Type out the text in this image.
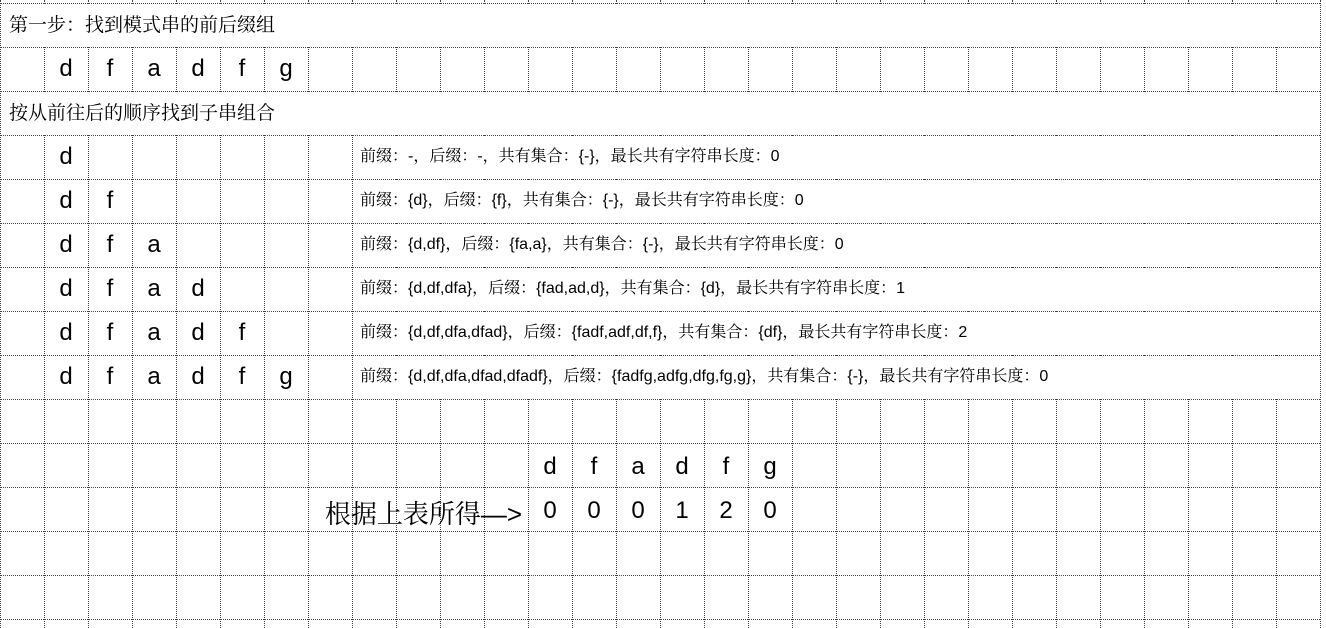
第一步：找到模式串的前后缀组
按从前往后的顺序找到子串组合
d	f	a	d	f	g
d	前缀：-，后缀：-，共有集合：{-}，最长共有字符串长度：0
d	f	前缀：{d}，后缀：{f}，共有集合：{-}，最长共有字符串长度：0
d	f	a	前缀：{d,df}，后缀：{fa,a}，共有集合：{-}，最长共有字符串长度：0
d	f	a	d	前缀：{d,df,dfa}，后缀：{fad,ad,d}，共有集合：{d}，最长共有字符串长度：1
d	f	a	d	f	前缀：{d,df,dfa,dfad}，后缀：{fadf,adf,df,f}，共有集合：{df}，最长共有字符串长度：2
d	f	a	d	f	g	前缀：{d,df,dfa,dfad,dfadf}，后缀：{fadfg,adfg,dfg,fg,g}，共有集合：{-}，最长共有字符串长度：0
d	f	a	d	f	g
根据上表所得—> 0	0	0	1	2	0
